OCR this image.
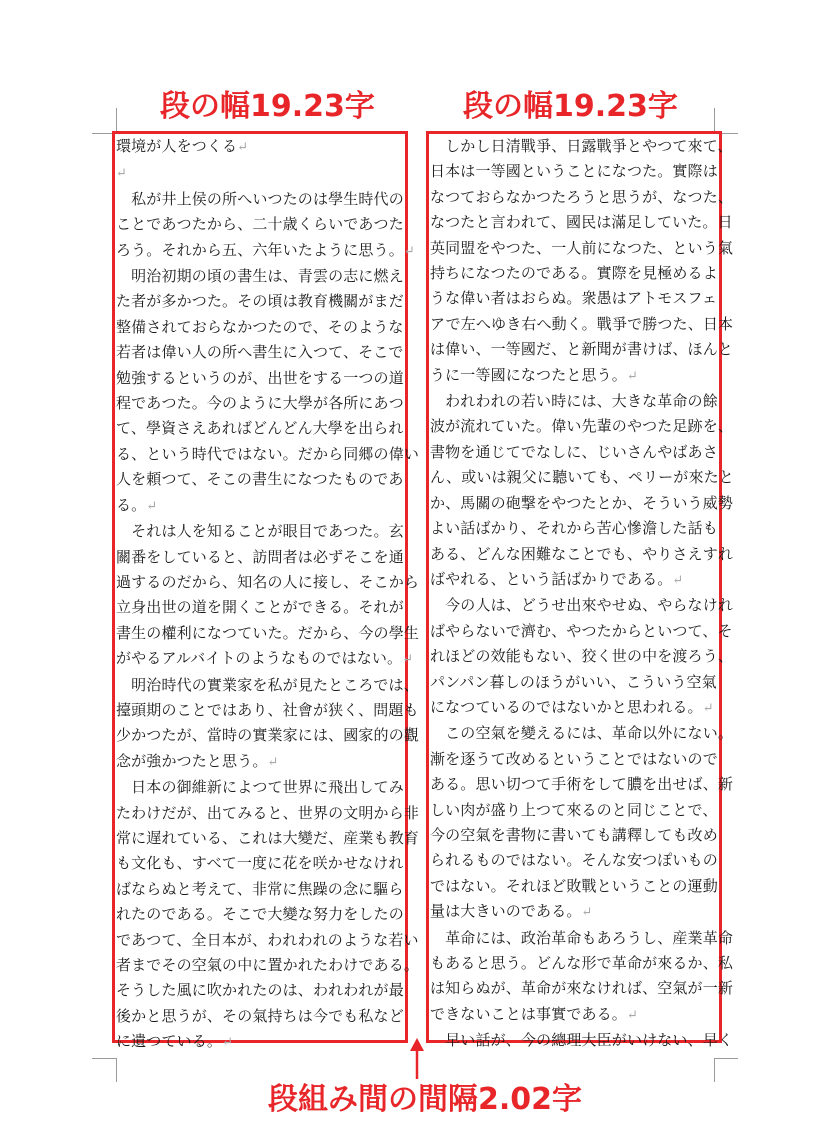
段の幅19.23字	段の幅19.23字
段組み間の間隔2.02字

環境が人をつくる↵

↵

　私が井上侯の所へいつたのは學生時代の

ことであつたから、二十歳くらいであつた

ろう。それから五、六年いたように思う。↵

　明治初期の頃の書生は、青雲の志に燃え

た者が多かつた。その頃は教育機關がまだ

整備されておらなかつたので、そのような

若者は偉い人の所へ書生に入つて、そこで

勉強するというのが、出世をする一つの道

程であつた。今のように大學が各所にあつ

て、學資さえあればどんどん大學を出られ

る、という時代ではない。だから同郷の偉い

人を頼つて、そこの書生になつたものであ

る。↵

　それは人を知ることが眼目であつた。玄

關番をしていると、訪問者は必ずそこを通

過するのだから、知名の人に接し、そこから

立身出世の道を開くことができる。それが

書生の權利になつていた。だから、今の學生

がやるアルバイトのようなものではない。↵

　明治時代の實業家を私が見たところでは、

擡頭期のことではあり、社會が狭く、問題も

少かつたが、當時の實業家には、國家的の觀

念が強かつたと思う。↵

　日本の御維新によつて世界に飛出してみ

たわけだが、出てみると、世界の文明から非

常に遅れている、これは大變だ、産業も教育

も文化も、すべて一度に花を咲かせなけれ

ばならぬと考えて、非常に焦躁の念に驅ら

れたのである。そこで大變な努力をしたの

であつて、全日本が、われわれのような若い

者までその空氣の中に置かれたわけである。

そうした風に吹かれたのは、われわれが最

後かと思うが、その氣持ちは今でも私など

に遺つている。↵

　しかし日清戰爭、日露戰爭とやつて來て、

日本は一等國ということになつた。實際は

なつておらなかつたろうと思うが、なつた、

なつたと言われて、國民は滿足していた。日

英同盟をやつた、一人前になつた、という氣

持ちになつたのである。實際を見極めるよ

うな偉い者はおらぬ。衆愚はアトモスフェ

アで左へゆき右へ動く。戰爭で勝つた、日本

は偉い、一等國だ、と新聞が書けば、ほんと

うに一等國になつたと思う。↵

　われわれの若い時には、大きな革命の餘

波が流れていた。偉い先輩のやつた足跡を、

書物を通じてでなしに、じいさんやばあさ

ん、或いは親父に聽いても、ペリーが來たと

か、馬關の砲撃をやつたとか、そういう威勢

よい話ばかり、それから苦心慘澹した話も

ある、どんな困難なことでも、やりさえすれ

ばやれる、という話ばかりである。↵

　今の人は、どうせ出來やせぬ、やらなけれ

ばやらないで濟む、やつたからといつて、そ

れほどの效能もない、狡く世の中を渡ろう、

パンパン暮しのほうがいい、こういう空氣

になつているのではないかと思われる。↵

　この空氣を變えるには、革命以外にない。

漸を逐うて改めるということではないので

ある。思い切つて手術をして膿を出せば、新

しい肉が盛り上つて來るのと同じことで、

今の空氣を書物に書いても講釋しても改め

られるものではない。そんな安つぽいもの

ではない。それほど敗戰ということの運動

量は大きいのである。↵

　革命には、政治革命もあろうし、産業革命

もあると思う。どんな形で革命が來るか、私

は知らぬが、革命が來なければ、空氣が一新

できないことは事實である。↵

　早い話が、今の總理大臣がいけない、早く
